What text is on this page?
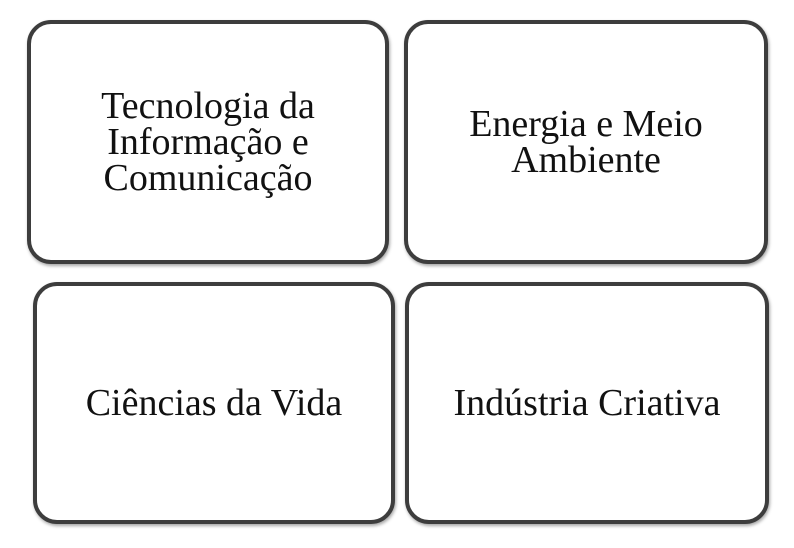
Tecnologia da
Informação e
Comunicação
Energia e Meio
Ambiente
Ciências da Vida	Indústria Criativa
